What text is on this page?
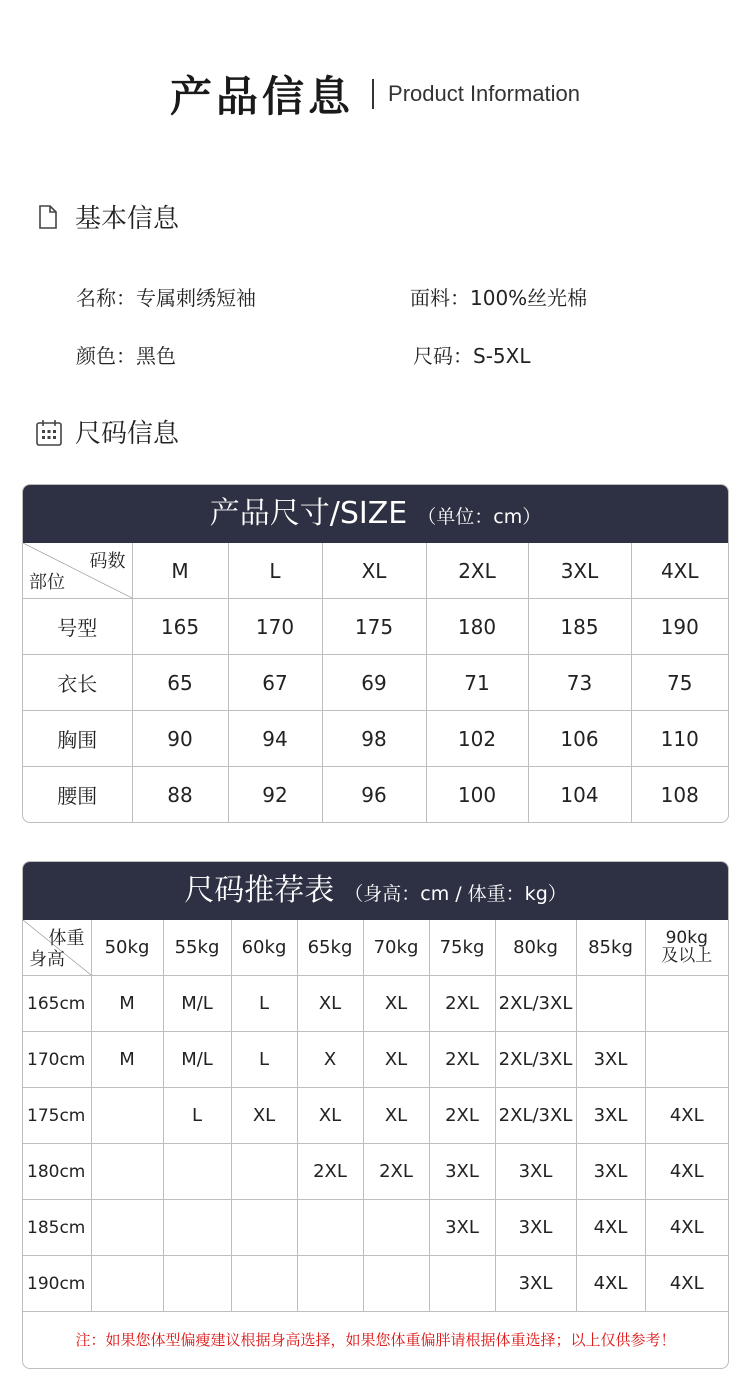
产品信息 Product Information
基本信息
名称：专属刺绣短袖	面料：100%丝光棉
颜色：黑色	尺码：S-5XL
尺码信息
产品尺寸/SIZE （单位：cm）
码数
部位	M	L	XL	2XL	3XL	4XL
号型	165	170	175	180	185	190
衣长	65	67	69	71	73	75
胸围	90	94	98	102	106	110
腰围	88	92	96	100	104	108
尺码推荐表 （身高：cm / 体重：kg）
体重
身高	50kg	55kg	60kg	65kg	70kg	75kg	80kg	85kg	90kg
及以上
165cm	M	M/L	L	XL	XL	2XL	2XL/3XL		
170cm	M	M/L	L	X	XL	2XL	2XL/3XL	3XL	
175cm		L	XL	XL	XL	2XL	2XL/3XL	3XL	4XL
180cm				2XL	2XL	3XL	3XL	3XL	4XL
185cm						3XL	3XL	4XL	4XL
190cm							3XL	4XL	4XL
注：如果您体型偏瘦建议根据身高选择，如果您体重偏胖请根据体重选择；以上仅供参考！
